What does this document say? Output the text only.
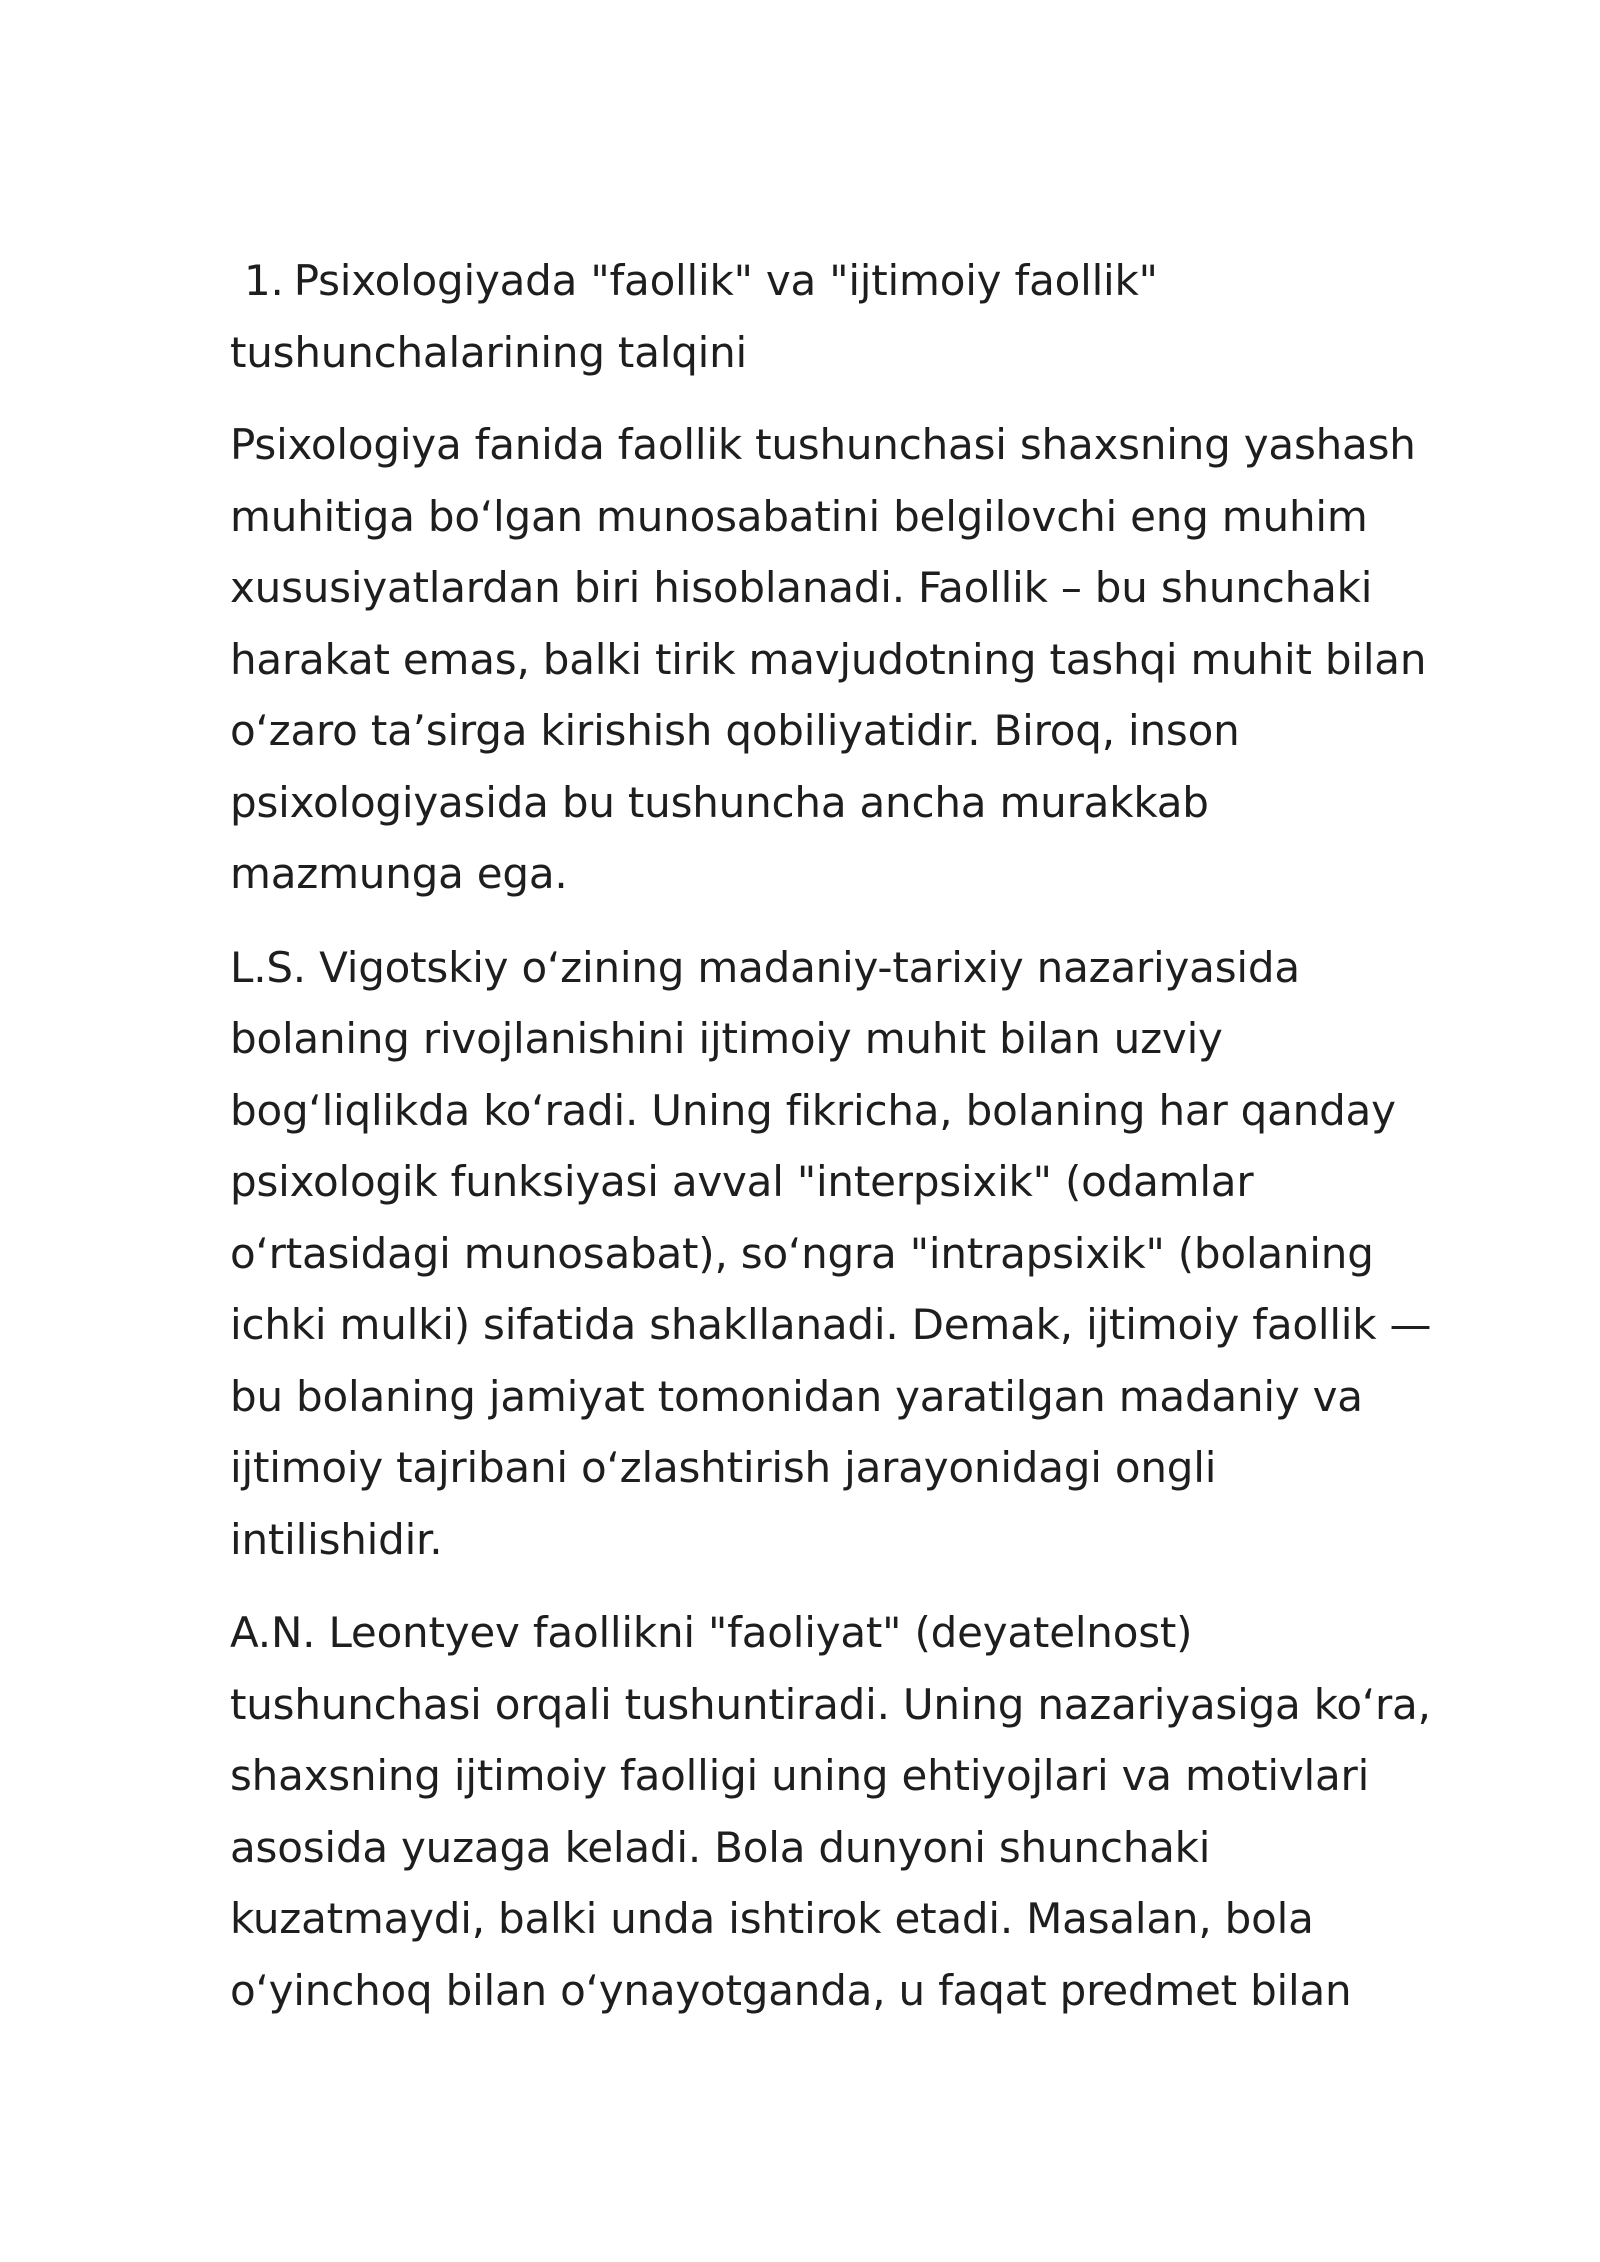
1. Psixologiyada "faollik" va "ijtimoiy faollik"
tushunchalarining talqini

Psixologiya fanida faollik tushunchasi shaxsning yashash
muhitiga bo‘lgan munosabatini belgilovchi eng muhim
xususiyatlardan biri hisoblanadi. Faollik – bu shunchaki
harakat emas, balki tirik mavjudotning tashqi muhit bilan
o‘zaro ta’sirga kirishish qobiliyatidir. Biroq, inson
psixologiyasida bu tushuncha ancha murakkab
mazmunga ega.

L.S. Vigotskiy o‘zining madaniy-tarixiy nazariyasida
bolaning rivojlanishini ijtimoiy muhit bilan uzviy
bog‘liqlikda ko‘radi. Uning fikricha, bolaning har qanday
psixologik funksiyasi avval "interpsixik" (odamlar
o‘rtasidagi munosabat), so‘ngra "intrapsixik" (bolaning
ichki mulki) sifatida shakllanadi. Demak, ijtimoiy faollik —
bu bolaning jamiyat tomonidan yaratilgan madaniy va
ijtimoiy tajribani o‘zlashtirish jarayonidagi ongli
intilishidir.

A.N. Leontyev faollikni "faoliyat" (deyatelnost)
tushunchasi orqali tushuntiradi. Uning nazariyasiga ko‘ra,
shaxsning ijtimoiy faolligi uning ehtiyojlari va motivlari
asosida yuzaga keladi. Bola dunyoni shunchaki
kuzatmaydi, balki unda ishtirok etadi. Masalan, bola
o‘yinchoq bilan o‘ynayotganda, u faqat predmet bilan
